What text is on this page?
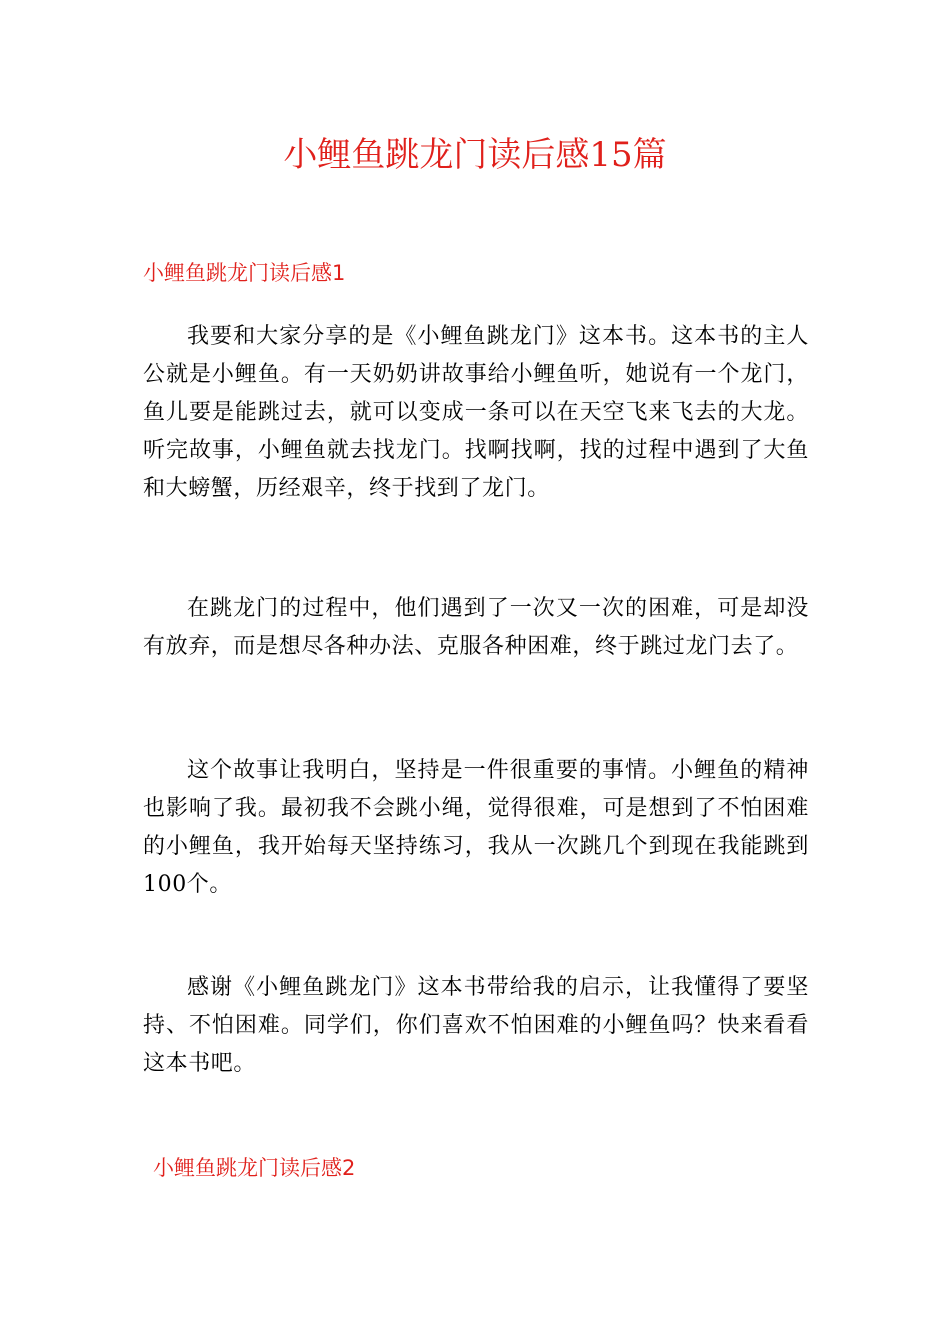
小鲤鱼跳龙门读后感15篇
小鲤鱼跳龙门读后感1

我要和大家分享的是《小鲤鱼跳龙门》这本书。这本书的主人公就是小鲤鱼。有一天奶奶讲故事给小鲤鱼听，她说有一个龙门，鱼儿要是能跳过去，就可以变成一条可以在天空飞来飞去的大龙。听完故事，小鲤鱼就去找龙门。找啊找啊，找的过程中遇到了大鱼和大螃蟹，历经艰辛，终于找到了龙门。

在跳龙门的过程中，他们遇到了一次又一次的困难，可是却没有放弃，而是想尽各种办法、克服各种困难，终于跳过龙门去了。

这个故事让我明白，坚持是一件很重要的事情。小鲤鱼的精神也影响了我。最初我不会跳小绳，觉得很难，可是想到了不怕困难的小鲤鱼，我开始每天坚持练习，我从一次跳几个到现在我能跳到100个。

感谢《小鲤鱼跳龙门》这本书带给我的启示，让我懂得了要坚持、不怕困难。同学们，你们喜欢不怕困难的小鲤鱼吗？快来看看这本书吧。

小鲤鱼跳龙门读后感2
